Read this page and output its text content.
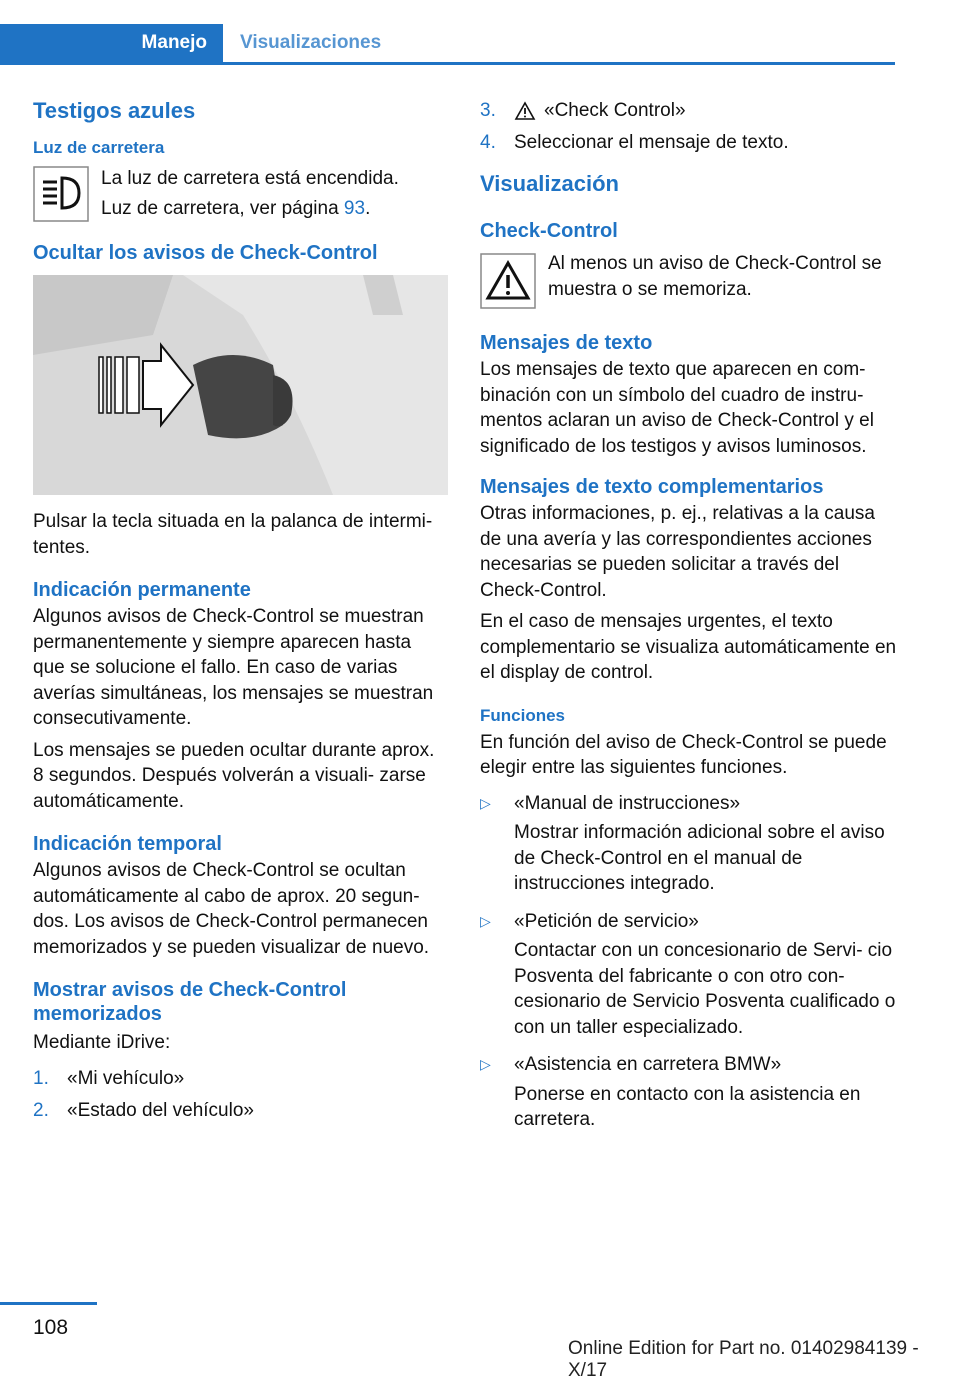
Manejo	Visualizaciones
Testigos azules
Luz de carretera

La luz de carretera está encendida.

Luz de carretera, ver página 93.

Ocultar los avisos de Check-Control

Pulsar la tecla situada en la palanca de intermi‐ tentes.

Indicación permanente

Algunos avisos de Check-Control se muestran permanentemente y siempre aparecen hasta que se solucione el fallo. En caso de varias averías simultáneas, los mensajes se muestran consecutivamente.

Los mensajes se pueden ocultar durante aprox. 8 segundos. Después volverán a visuali‐ zarse automáticamente.

Indicación temporal

Algunos avisos de Check-Control se ocultan automáticamente al cabo de aprox. 20 segun‐ dos. Los avisos de Check-Control permanecen memorizados y se pueden visualizar de nuevo.

Mostrar avisos de Check-Control memorizados

Mediante iDrive:

1. «Mi vehículo»
2. «Estado del vehículo»
3.	«Check Control»
4. Seleccionar el mensaje de texto.
Visualización
Check-Control

Al menos un aviso de Check-Control se muestra o se memoriza.

Mensajes de texto

Los mensajes de texto que aparecen en com‐ binación con un símbolo del cuadro de instru‐ mentos aclaran un aviso de Check-Control y el significado de los testigos y avisos luminosos.

Mensajes de texto complementarios

Otras informaciones, p. ej., relativas a la causa de una avería y las correspondientes acciones necesarias se pueden solicitar a través del Check-Control.

En el caso de mensajes urgentes, el texto complementario se visualiza automáticamente en el display de control.

Funciones

En función del aviso de Check-Control se puede elegir entre las siguientes funciones.

▷	«Manual de instrucciones»

Mostrar información adicional sobre el aviso de Check-Control en el manual de instrucciones integrado.

▷	«Petición de servicio»

Contactar con un concesionario de Servi‐ cio Posventa del fabricante o con otro con‐ cesionario de Servicio Posventa cualificado o con un taller especializado.

▷	«Asistencia en carretera BMW»

Ponerse en contacto con la asistencia en carretera.

108
Online Edition for Part no. 01402984139 - X/17
